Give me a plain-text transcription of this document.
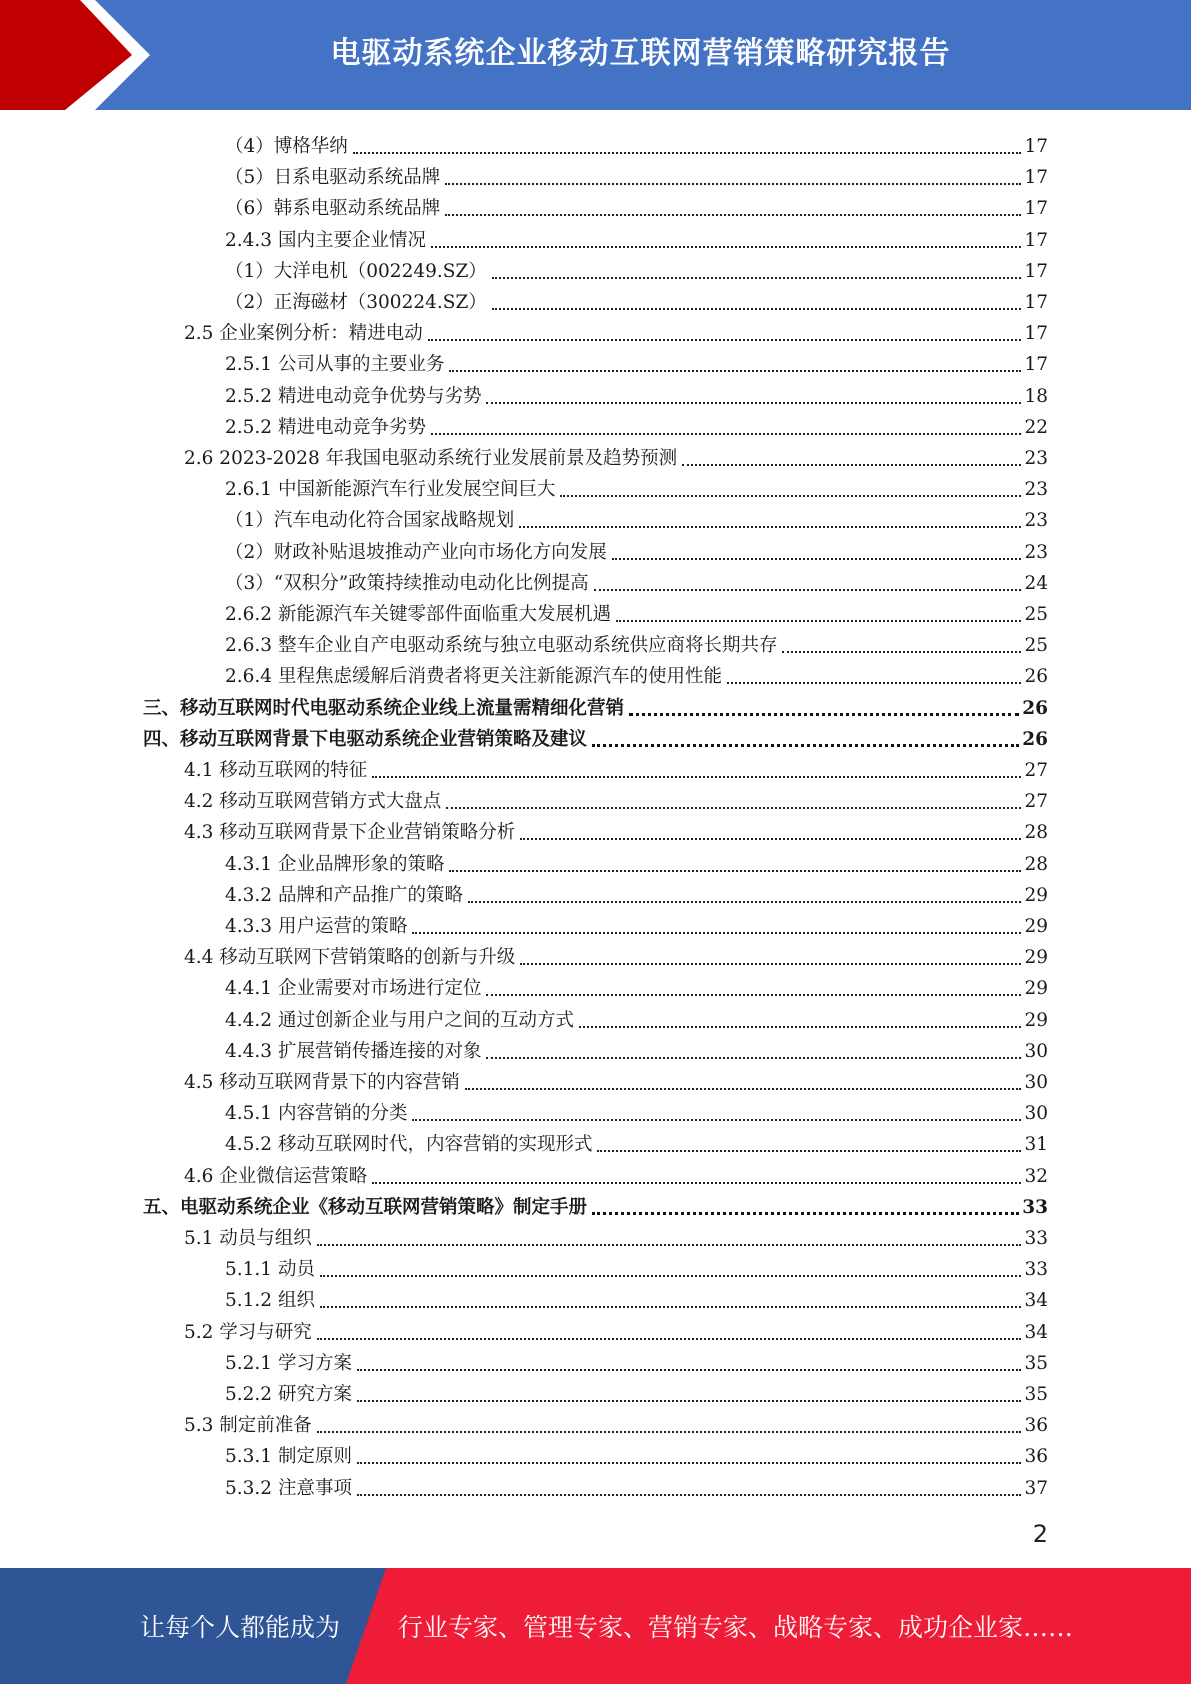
电驱动系统企业移动互联网营销策略研究报告
（4）博格华纳	17
（5）日系电驱动系统品牌	17
（6）韩系电驱动系统品牌	17
2.4.3 国内主要企业情况	17
（1）大洋电机（002249.SZ）	17
（2）正海磁材（300224.SZ）	17
2.5 企业案例分析：精进电动	17
2.5.1 公司从事的主要业务	17
2.5.2 精进电动竞争优势与劣势	18
2.5.2 精进电动竞争劣势	22
2.6 2023-2028 年我国电驱动系统行业发展前景及趋势预测	23
2.6.1 中国新能源汽车行业发展空间巨大	23
（1）汽车电动化符合国家战略规划	23
（2）财政补贴退坡推动产业向市场化方向发展	23
（3）“双积分”政策持续推动电动化比例提高	24
2.6.2 新能源汽车关键零部件面临重大发展机遇	25
2.6.3 整车企业自产电驱动系统与独立电驱动系统供应商将长期共存	25
2.6.4 里程焦虑缓解后消费者将更关注新能源汽车的使用性能	26
三、移动互联网时代电驱动系统企业线上流量需精细化营销	26
四、移动互联网背景下电驱动系统企业营销策略及建议	26
4.1 移动互联网的特征	27
4.2 移动互联网营销方式大盘点	27
4.3 移动互联网背景下企业营销策略分析	28
4.3.1 企业品牌形象的策略	28
4.3.2 品牌和产品推广的策略	29
4.3.3 用户运营的策略	29
4.4 移动互联网下营销策略的创新与升级	29
4.4.1 企业需要对市场进行定位	29
4.4.2 通过创新企业与用户之间的互动方式	29
4.4.3 扩展营销传播连接的对象	30
4.5 移动互联网背景下的内容营销	30
4.5.1 内容营销的分类	30
4.5.2 移动互联网时代，内容营销的实现形式	31
4.6 企业微信运营策略	32
五、电驱动系统企业《移动互联网营销策略》制定手册	33
5.1 动员与组织	33
5.1.1 动员	33
5.1.2 组织	34
5.2 学习与研究	34
5.2.1 学习方案	35
5.2.2 研究方案	35
5.3 制定前准备	36
5.3.1 制定原则	36
5.3.2 注意事项	37
2
让每个人都能成为 行业专家、管理专家、营销专家、战略专家、成功企业家……
